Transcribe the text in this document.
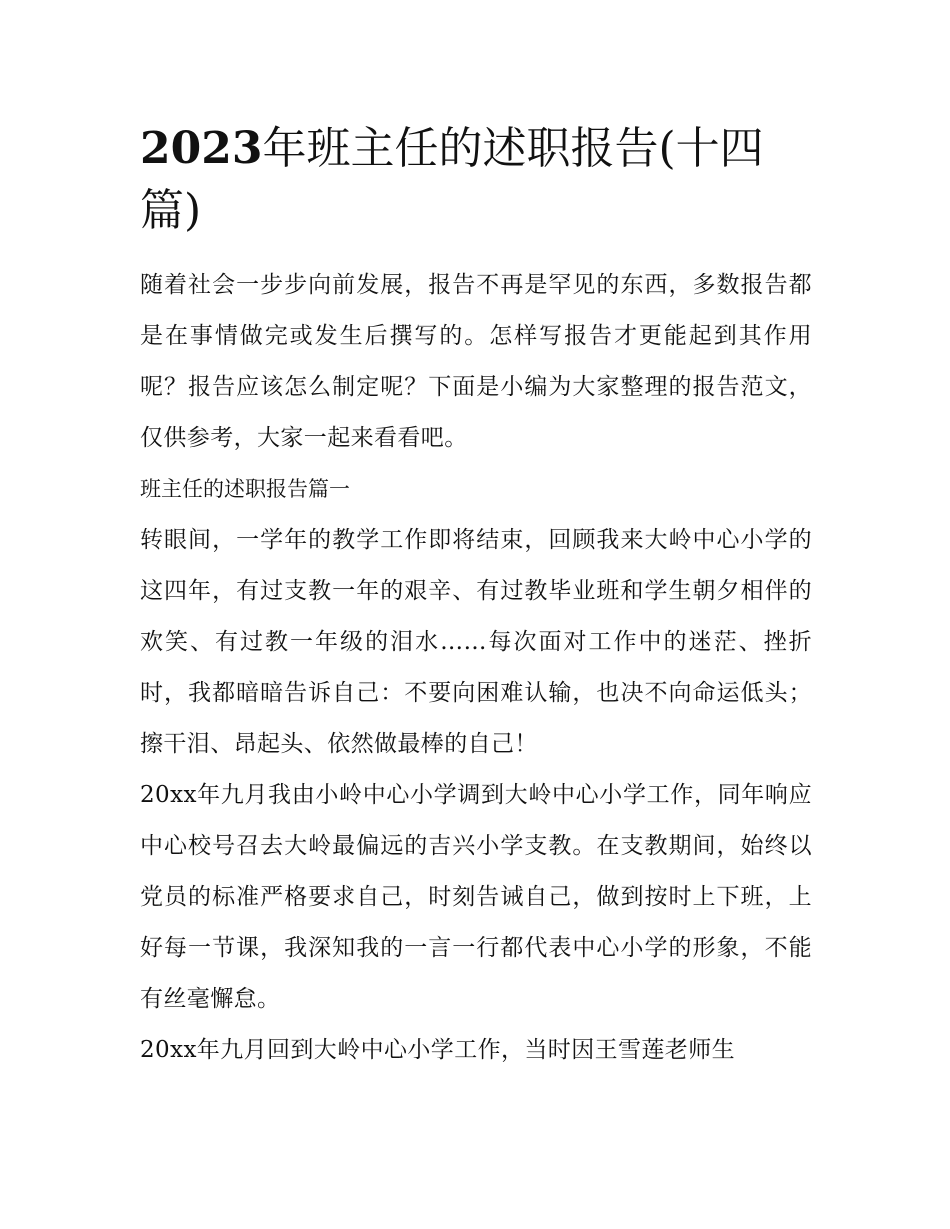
2023年班主任的述职报告(十四篇)

随着社会一步步向前发展，报告不再是罕见的东西，多数报告都是在事情做完或发生后撰写的。怎样写报告才更能起到其作用呢？报告应该怎么制定呢？下面是小编为大家整理的报告范文，仅供参考，大家一起来看看吧。

班主任的述职报告篇一

转眼间，一学年的教学工作即将结束，回顾我来大岭中心小学的这四年，有过支教一年的艰辛、有过教毕业班和学生朝夕相伴的欢笑、有过教一年级的泪水……每次面对工作中的迷茫、挫折时，我都暗暗告诉自己：不要向困难认输，也决不向命运低头；擦干泪、昂起头、依然做最棒的自己！

20xx年九月我由小岭中心小学调到大岭中心小学工作，同年响应中心校号召去大岭最偏远的吉兴小学支教。在支教期间，始终以党员的标准严格要求自己，时刻告诫自己，做到按时上下班，上好每一节课，我深知我的一言一行都代表中心小学的形象，不能有丝毫懈怠。

20xx年九月回到大岭中心小学工作，当时因王雪莲老师生
